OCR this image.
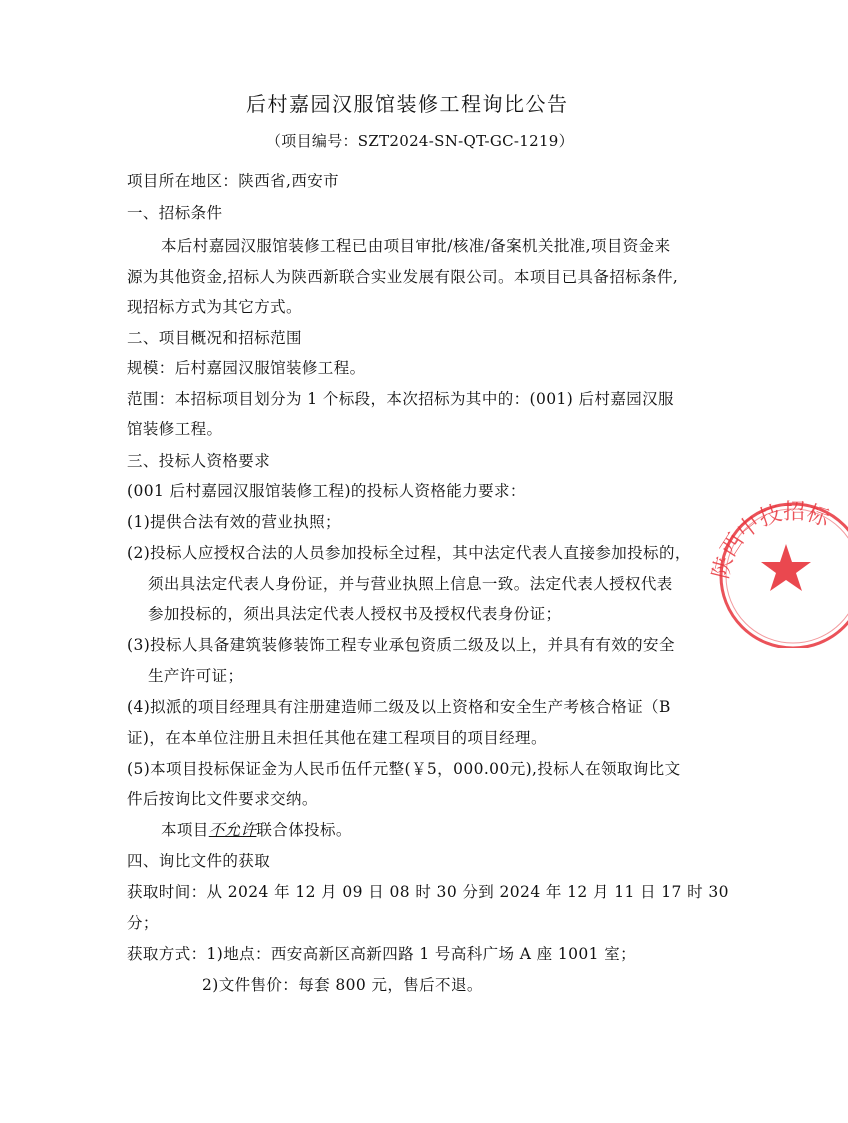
后村嘉园汉服馆装修工程询比公告
（项目编号：SZT2024-SN-QT-GC-1219）
项目所在地区：陕西省,西安市
一、招标条件
本后村嘉园汉服馆装修工程已由项目审批/核准/备案机关批准,项目资金来
源为其他资金,招标人为陕西新联合实业发展有限公司。本项目已具备招标条件,
现招标方式为其它方式。
二、项目概况和招标范围
规模：后村嘉园汉服馆装修工程。
范围：本招标项目划分为 1 个标段，本次招标为其中的：(001) 后村嘉园汉服
馆装修工程。
三、投标人资格要求
(001 后村嘉园汉服馆装修工程)的投标人资格能力要求：
(1)提供合法有效的营业执照；
(2)投标人应授权合法的人员参加投标全过程，其中法定代表人直接参加投标的，
须出具法定代表人身份证，并与营业执照上信息一致。法定代表人授权代表
参加投标的，须出具法定代表人授权书及授权代表身份证；
(3)投标人具备建筑装修装饰工程专业承包资质二级及以上，并具有有效的安全
生产许可证；
(4)拟派的项目经理具有注册建造师二级及以上资格和安全生产考核合格证（B
证)，在本单位注册且未担任其他在建工程项目的项目经理。
(5)本项目投标保证金为人民币伍仟元整(￥5，000.00元),投标人在领取询比文
件后按询比文件要求交纳。
本项目不允许联合体投标。
四、询比文件的获取
获取时间：从 2024 年 12 月 09 日 08 时 30 分到 2024 年 12 月 11 日 17 时 30
分；
获取方式：1)地点：西安高新区高新四路 1 号高科广场 A 座 1001 室；
2)文件售价：每套 800 元，售后不退。
陕西中技招标
